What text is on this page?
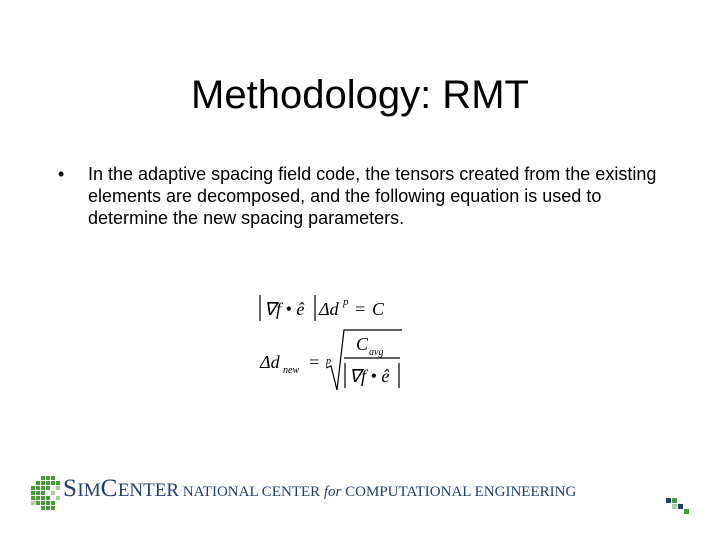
Methodology: RMT
• In the adaptive spacing field code, the tensors created from the existing elements are decomposed, and the following equation is used to determine the new spacing parameters.
∇f • ê Δd p = C
Δd new = p
C avg
∇f • ê
SIMCENTER NATIONAL CENTER for COMPUTATIONAL ENGINEERING
